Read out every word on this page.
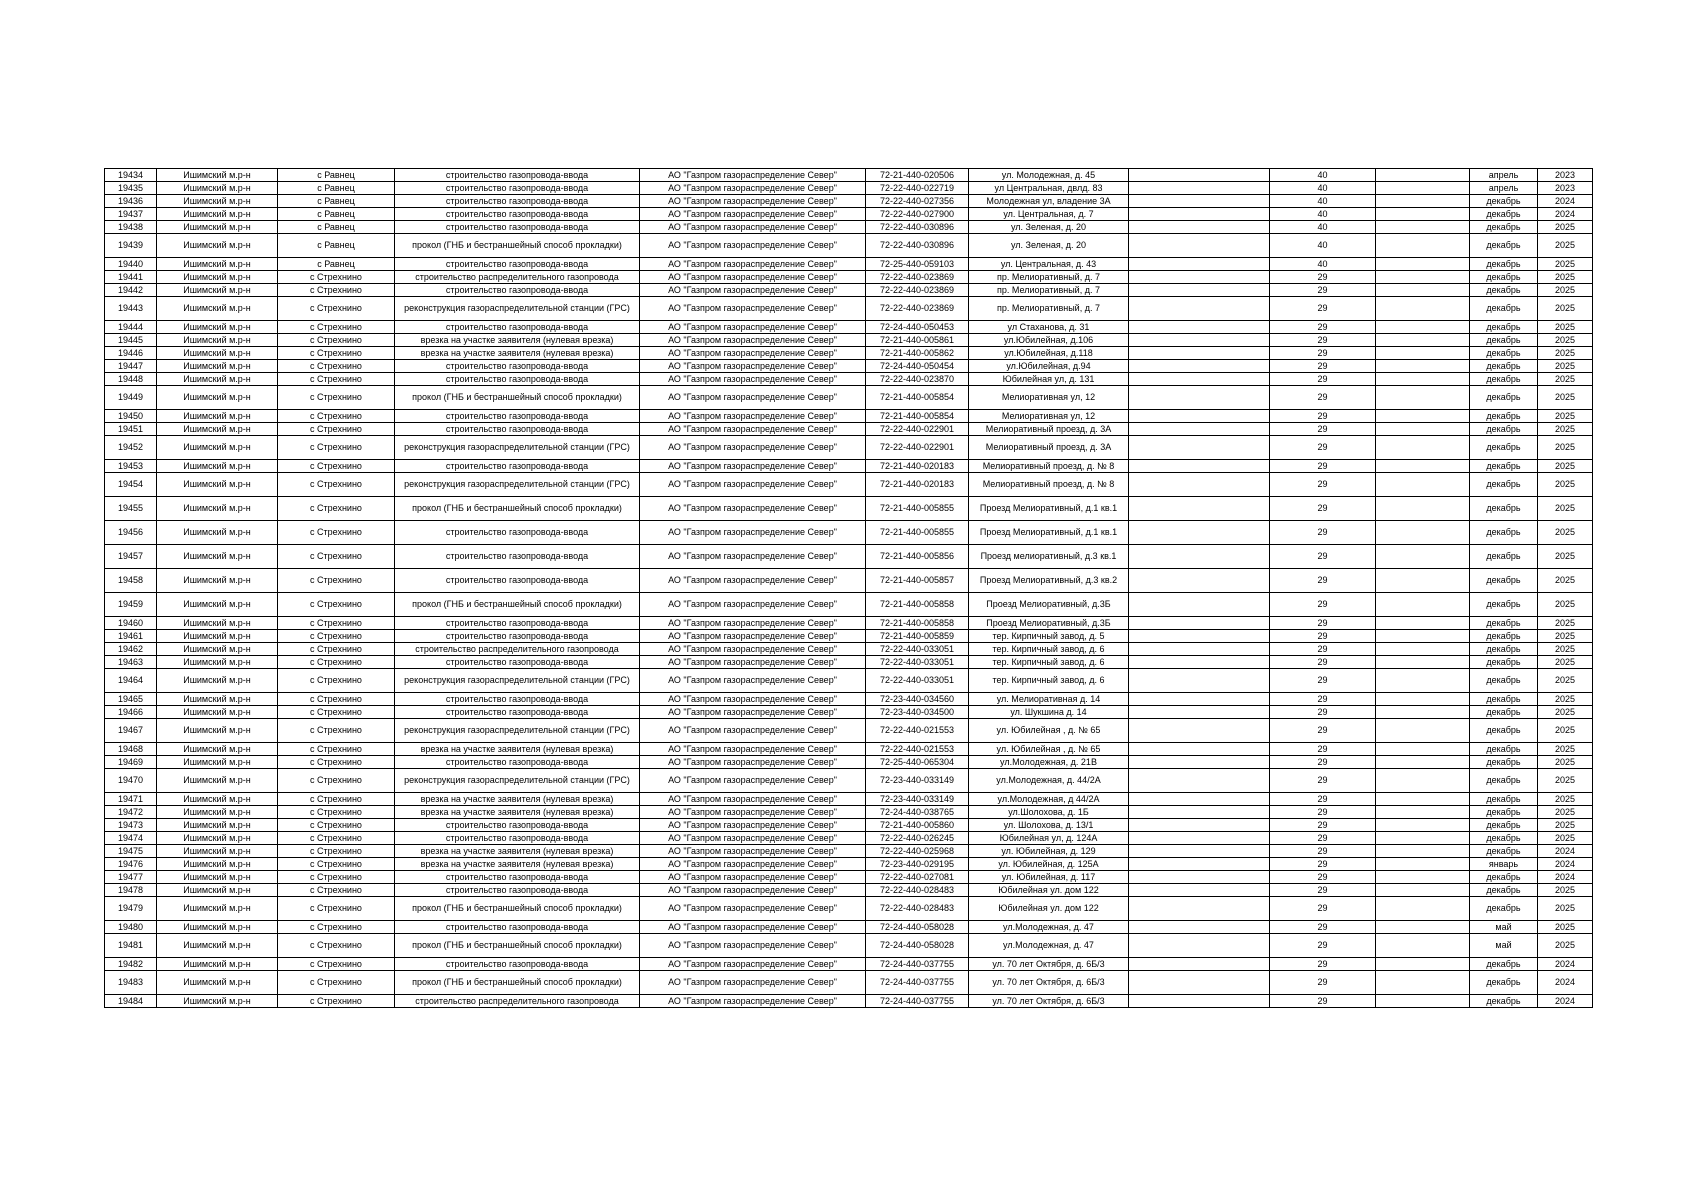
19434	Ишимский м.р-н	с Равнец	строительство газопровода-ввода	АО "Газпром газораспределение Север"	72-21-440-020506	ул. Молодежная, д. 45		40		апрель	2023
19435	Ишимский м.р-н	с Равнец	строительство газопровода-ввода	АО "Газпром газораспределение Север"	72-22-440-022719	ул Центральная, двлд. 83		40		апрель	2023
19436	Ишимский м.р-н	с Равнец	строительство газопровода-ввода	АО "Газпром газораспределение Север"	72-22-440-027356	Молодежная ул, владение 3А		40		декабрь	2024
19437	Ишимский м.р-н	с Равнец	строительство газопровода-ввода	АО "Газпром газораспределение Север"	72-22-440-027900	ул. Центральная, д. 7		40		декабрь	2024
19438	Ишимский м.р-н	с Равнец	строительство газопровода-ввода	АО "Газпром газораспределение Север"	72-22-440-030896	ул. Зеленая, д. 20		40		декабрь	2025
19439	Ишимский м.р-н	с Равнец	прокол (ГНБ и бестраншейный способ прокладки)	АО "Газпром газораспределение Север"	72-22-440-030896	ул. Зеленая, д. 20		40		декабрь	2025
19440	Ишимский м.р-н	с Равнец	строительство газопровода-ввода	АО "Газпром газораспределение Север"	72-25-440-059103	ул. Центральная, д. 43		40		декабрь	2025
19441	Ишимский м.р-н	с Стрехнино	строительство распределительного газопровода	АО "Газпром газораспределение Север"	72-22-440-023869	пр. Мелиоративный, д. 7		29		декабрь	2025
19442	Ишимский м.р-н	с Стрехнино	строительство газопровода-ввода	АО "Газпром газораспределение Север"	72-22-440-023869	пр. Мелиоративный, д. 7		29		декабрь	2025
19443	Ишимский м.р-н	с Стрехнино	реконструкция газораспределительной станции (ГРС)	АО "Газпром газораспределение Север"	72-22-440-023869	пр. Мелиоративный, д. 7		29		декабрь	2025
19444	Ишимский м.р-н	с Стрехнино	строительство газопровода-ввода	АО "Газпром газораспределение Север"	72-24-440-050453	ул Стаханова, д. 31		29		декабрь	2025
19445	Ишимский м.р-н	с Стрехнино	врезка на участке заявителя (нулевая врезка)	АО "Газпром газораспределение Север"	72-21-440-005861	ул.Юбилейная, д.106		29		декабрь	2025
19446	Ишимский м.р-н	с Стрехнино	врезка на участке заявителя (нулевая врезка)	АО "Газпром газораспределение Север"	72-21-440-005862	ул.Юбилейная, д.118		29		декабрь	2025
19447	Ишимский м.р-н	с Стрехнино	строительство газопровода-ввода	АО "Газпром газораспределение Север"	72-24-440-050454	ул.Юбилейная, д.94		29		декабрь	2025
19448	Ишимский м.р-н	с Стрехнино	строительство газопровода-ввода	АО "Газпром газораспределение Север"	72-22-440-023870	Юбилейная ул, д. 131		29		декабрь	2025
19449	Ишимский м.р-н	с Стрехнино	прокол (ГНБ и бестраншейный способ прокладки)	АО "Газпром газораспределение Север"	72-21-440-005854	Мелиоративная ул, 12		29		декабрь	2025
19450	Ишимский м.р-н	с Стрехнино	строительство газопровода-ввода	АО "Газпром газораспределение Север"	72-21-440-005854	Мелиоративная ул, 12		29		декабрь	2025
19451	Ишимский м.р-н	с Стрехнино	строительство газопровода-ввода	АО "Газпром газораспределение Север"	72-22-440-022901	Мелиоративный проезд, д. 3А		29		декабрь	2025
19452	Ишимский м.р-н	с Стрехнино	реконструкция газораспределительной станции (ГРС)	АО "Газпром газораспределение Север"	72-22-440-022901	Мелиоративный проезд, д. 3А		29		декабрь	2025
19453	Ишимский м.р-н	с Стрехнино	строительство газопровода-ввода	АО "Газпром газораспределение Север"	72-21-440-020183	Мелиоративный проезд, д. № 8		29		декабрь	2025
19454	Ишимский м.р-н	с Стрехнино	реконструкция газораспределительной станции (ГРС)	АО "Газпром газораспределение Север"	72-21-440-020183	Мелиоративный проезд, д. № 8		29		декабрь	2025
19455	Ишимский м.р-н	с Стрехнино	прокол (ГНБ и бестраншейный способ прокладки)	АО "Газпром газораспределение Север"	72-21-440-005855	Проезд Мелиоративный, д.1 кв.1		29		декабрь	2025
19456	Ишимский м.р-н	с Стрехнино	строительство газопровода-ввода	АО "Газпром газораспределение Север"	72-21-440-005855	Проезд Мелиоративный, д.1 кв.1		29		декабрь	2025
19457	Ишимский м.р-н	с Стрехнино	строительство газопровода-ввода	АО "Газпром газораспределение Север"	72-21-440-005856	Проезд мелиоративный, д.3 кв.1		29		декабрь	2025
19458	Ишимский м.р-н	с Стрехнино	строительство газопровода-ввода	АО "Газпром газораспределение Север"	72-21-440-005857	Проезд Мелиоративный, д.3 кв.2		29		декабрь	2025
19459	Ишимский м.р-н	с Стрехнино	прокол (ГНБ и бестраншейный способ прокладки)	АО "Газпром газораспределение Север"	72-21-440-005858	Проезд Мелиоративный, д.3Б		29		декабрь	2025
19460	Ишимский м.р-н	с Стрехнино	строительство газопровода-ввода	АО "Газпром газораспределение Север"	72-21-440-005858	Проезд Мелиоративный, д.3Б		29		декабрь	2025
19461	Ишимский м.р-н	с Стрехнино	строительство газопровода-ввода	АО "Газпром газораспределение Север"	72-21-440-005859	тер. Кирпичный завод, д. 5		29		декабрь	2025
19462	Ишимский м.р-н	с Стрехнино	строительство распределительного газопровода	АО "Газпром газораспределение Север"	72-22-440-033051	тер. Кирпичный завод, д. 6		29		декабрь	2025
19463	Ишимский м.р-н	с Стрехнино	строительство газопровода-ввода	АО "Газпром газораспределение Север"	72-22-440-033051	тер. Кирпичный завод, д. 6		29		декабрь	2025
19464	Ишимский м.р-н	с Стрехнино	реконструкция газораспределительной станции (ГРС)	АО "Газпром газораспределение Север"	72-22-440-033051	тер. Кирпичный завод, д. 6		29		декабрь	2025
19465	Ишимский м.р-н	с Стрехнино	строительство газопровода-ввода	АО "Газпром газораспределение Север"	72-23-440-034560	ул. Мелиоративная д. 14		29		декабрь	2025
19466	Ишимский м.р-н	с Стрехнино	строительство газопровода-ввода	АО "Газпром газораспределение Север"	72-23-440-034500	ул. Шукшина д. 14		29		декабрь	2025
19467	Ишимский м.р-н	с Стрехнино	реконструкция газораспределительной станции (ГРС)	АО "Газпром газораспределение Север"	72-22-440-021553	ул. Юбилейная , д. № 65		29		декабрь	2025
19468	Ишимский м.р-н	с Стрехнино	врезка на участке заявителя (нулевая врезка)	АО "Газпром газораспределение Север"	72-22-440-021553	ул. Юбилейная , д. № 65		29		декабрь	2025
19469	Ишимский м.р-н	с Стрехнино	строительство газопровода-ввода	АО "Газпром газораспределение Север"	72-25-440-065304	ул.Молодежная, д. 21В		29		декабрь	2025
19470	Ишимский м.р-н	с Стрехнино	реконструкция газораспределительной станции (ГРС)	АО "Газпром газораспределение Север"	72-23-440-033149	ул.Молодежная, д. 44/2А		29		декабрь	2025
19471	Ишимский м.р-н	с Стрехнино	врезка на участке заявителя (нулевая врезка)	АО "Газпром газораспределение Север"	72-23-440-033149	ул.Молодежная, д 44/2А		29		декабрь	2025
19472	Ишимский м.р-н	с Стрехнино	врезка на участке заявителя (нулевая врезка)	АО "Газпром газораспределение Север"	72-24-440-038765	ул.Шолохова, д. 1Б		29		декабрь	2025
19473	Ишимский м.р-н	с Стрехнино	строительство газопровода-ввода	АО "Газпром газораспределение Север"	72-21-440-005860	ул. Шолохова, д. 13/1		29		декабрь	2025
19474	Ишимский м.р-н	с Стрехнино	строительство газопровода-ввода	АО "Газпром газораспределение Север"	72-22-440-026245	Юбилейная ул, д. 124А		29		декабрь	2025
19475	Ишимский м.р-н	с Стрехнино	врезка на участке заявителя (нулевая врезка)	АО "Газпром газораспределение Север"	72-22-440-025968	ул. Юбилейная, д. 129		29		декабрь	2024
19476	Ишимский м.р-н	с Стрехнино	врезка на участке заявителя (нулевая врезка)	АО "Газпром газораспределение Север"	72-23-440-029195	ул. Юбилейная, д. 125А		29		январь	2024
19477	Ишимский м.р-н	с Стрехнино	строительство газопровода-ввода	АО "Газпром газораспределение Север"	72-22-440-027081	ул. Юбилейная, д. 117		29		декабрь	2024
19478	Ишимский м.р-н	с Стрехнино	строительство газопровода-ввода	АО "Газпром газораспределение Север"	72-22-440-028483	Юбилейная ул. дом 122		29		декабрь	2025
19479	Ишимский м.р-н	с Стрехнино	прокол (ГНБ и бестраншейный способ прокладки)	АО "Газпром газораспределение Север"	72-22-440-028483	Юбилейная ул. дом 122		29		декабрь	2025
19480	Ишимский м.р-н	с Стрехнино	строительство газопровода-ввода	АО "Газпром газораспределение Север"	72-24-440-058028	ул.Молодежная, д. 47		29		май	2025
19481	Ишимский м.р-н	с Стрехнино	прокол (ГНБ и бестраншейный способ прокладки)	АО "Газпром газораспределение Север"	72-24-440-058028	ул.Молодежная, д. 47		29		май	2025
19482	Ишимский м.р-н	с Стрехнино	строительство газопровода-ввода	АО "Газпром газораспределение Север"	72-24-440-037755	ул. 70 лет Октября, д. 6Б/3		29		декабрь	2024
19483	Ишимский м.р-н	с Стрехнино	прокол (ГНБ и бестраншейный способ прокладки)	АО "Газпром газораспределение Север"	72-24-440-037755	ул. 70 лет Октября, д. 6Б/3		29		декабрь	2024
19484	Ишимский м.р-н	с Стрехнино	строительство распределительного газопровода	АО "Газпром газораспределение Север"	72-24-440-037755	ул. 70 лет Октября, д. 6Б/3		29		декабрь	2024
